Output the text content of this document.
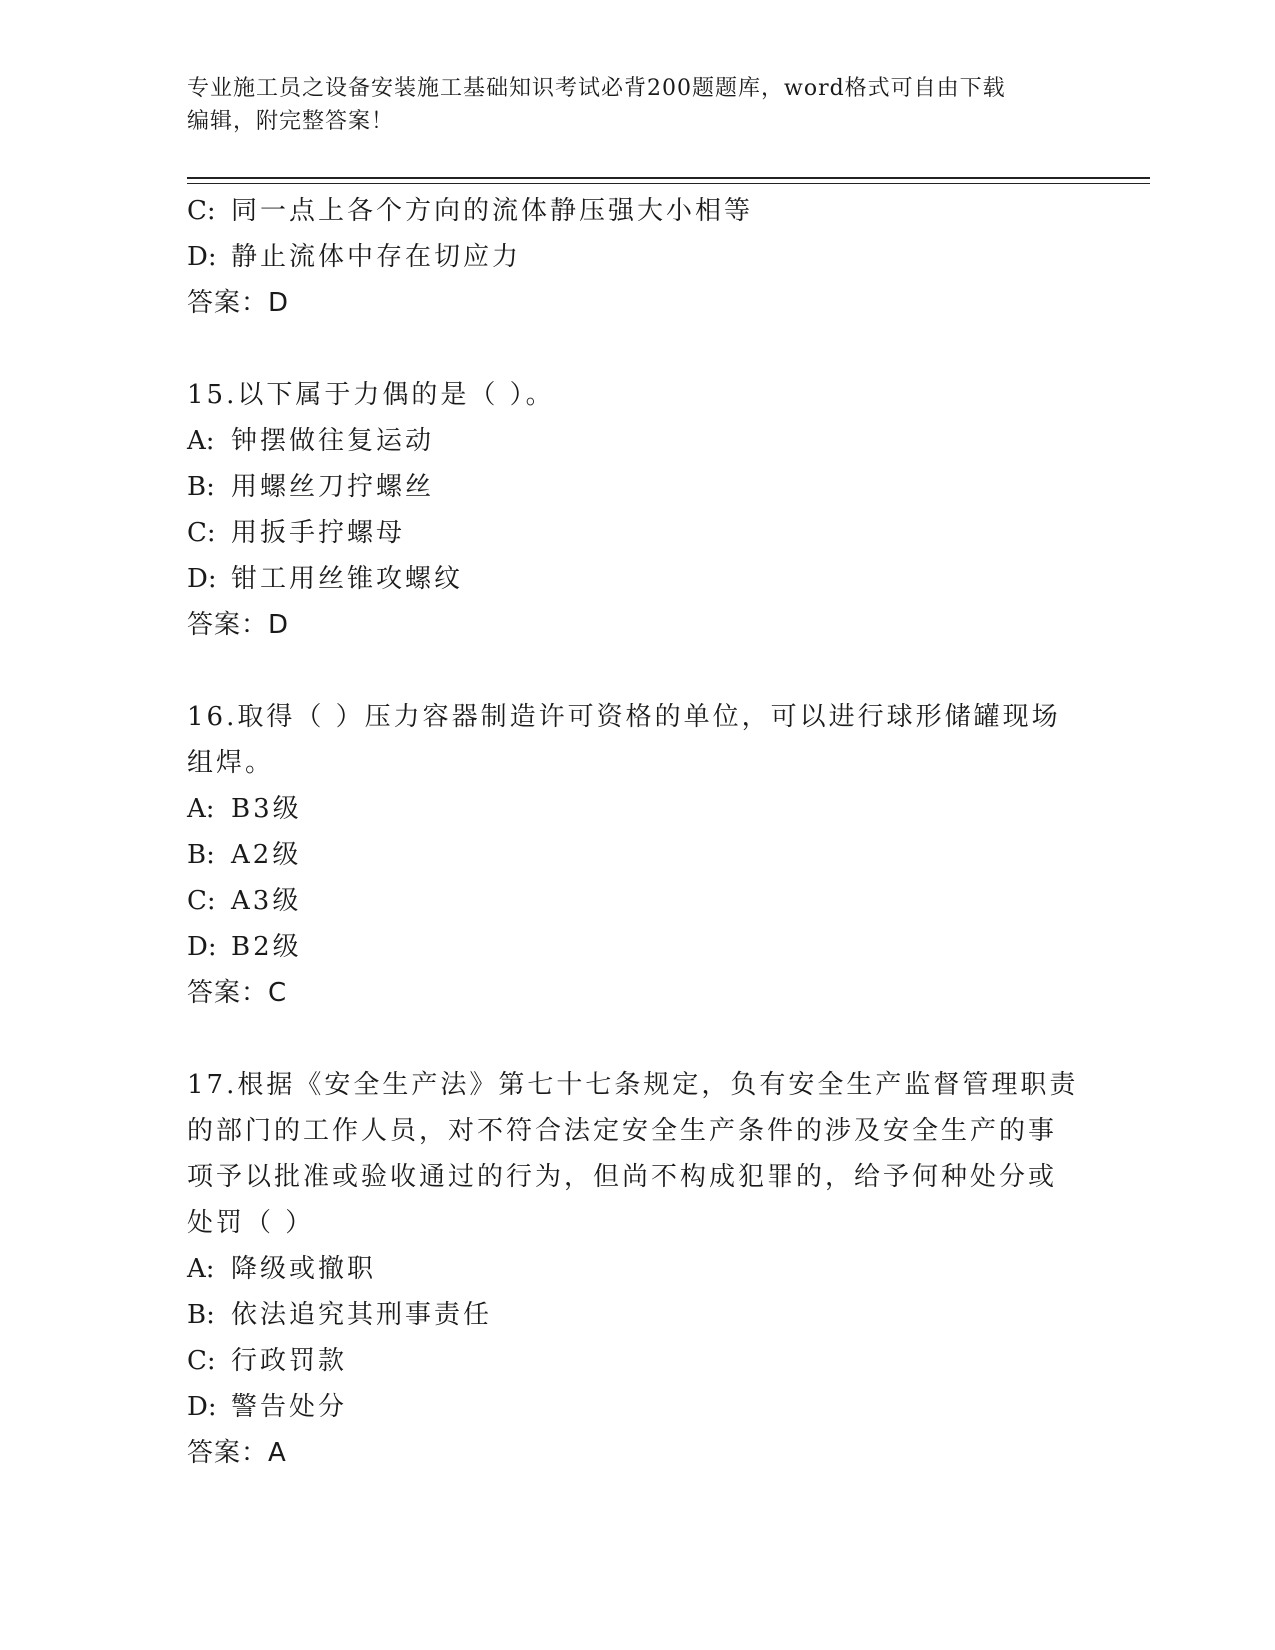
专业施工员之设备安装施工基础知识考试必背200题题库，word格式可自由下载
编辑，附完整答案！
C: 同一点上各个方向的流体静压强大小相等
D: 静止流体中存在切应力
答案：D
15.以下属于力偶的是（ ）。
A: 钟摆做往复运动
B: 用螺丝刀拧螺丝
C: 用扳手拧螺母
D: 钳工用丝锥攻螺纹
答案：D
16.取得（ ）压力容器制造许可资格的单位，可以进行球形储罐现场
组焊。
A: B3级
B: A2级
C: A3级
D: B2级
答案：C
17.根据《安全生产法》第七十七条规定，负有安全生产监督管理职责
的部门的工作人员，对不符合法定安全生产条件的涉及安全生产的事
项予以批准或验收通过的行为，但尚不构成犯罪的，给予何种处分或
处罚（ ）
A: 降级或撤职
B: 依法追究其刑事责任
C: 行政罚款
D: 警告处分
答案：A
